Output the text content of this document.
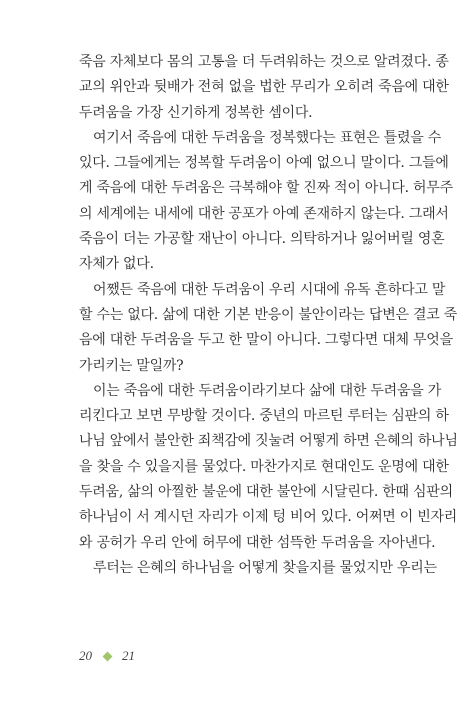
죽음 자체보다 몸의 고통을 더 두려워하는 것으로 알려졌다. 종
교의 위안과 뒷배가 전혀 없을 법한 무리가 오히려 죽음에 대한
두려움을 가장 신기하게 정복한 셈이다.
여기서 죽음에 대한 두려움을 정복했다는 표현은 틀렸을 수
있다. 그들에게는 정복할 두려움이 아예 없으니 말이다. 그들에
게 죽음에 대한 두려움은 극복해야 할 진짜 적이 아니다. 허무주
의 세계에는 내세에 대한 공포가 아예 존재하지 않는다. 그래서
죽음이 더는 가공할 재난이 아니다. 의탁하거나 잃어버릴 영혼
자체가 없다.
어쨌든 죽음에 대한 두려움이 우리 시대에 유독 흔하다고 말
할 수는 없다. 삶에 대한 기본 반응이 불안이라는 답변은 결코 죽
음에 대한 두려움을 두고 한 말이 아니다. 그렇다면 대체 무엇을
가리키는 말일까?
이는 죽음에 대한 두려움이라기보다 삶에 대한 두려움을 가
리킨다고 보면 무방할 것이다. 중년의 마르틴 루터는 심판의 하
나님 앞에서 불안한 죄책감에 짓눌려 어떻게 하면 은혜의 하나님
을 찾을 수 있을지를 물었다. 마찬가지로 현대인도 운명에 대한
두려움, 삶의 아찔한 불운에 대한 불안에 시달린다. 한때 심판의
하나님이 서 계시던 자리가 이제 텅 비어 있다. 어쩌면 이 빈자리
와 공허가 우리 안에 허무에 대한 섬뜩한 두려움을 자아낸다.
루터는 은혜의 하나님을 어떻게 찾을지를 물었지만 우리는
20 21
